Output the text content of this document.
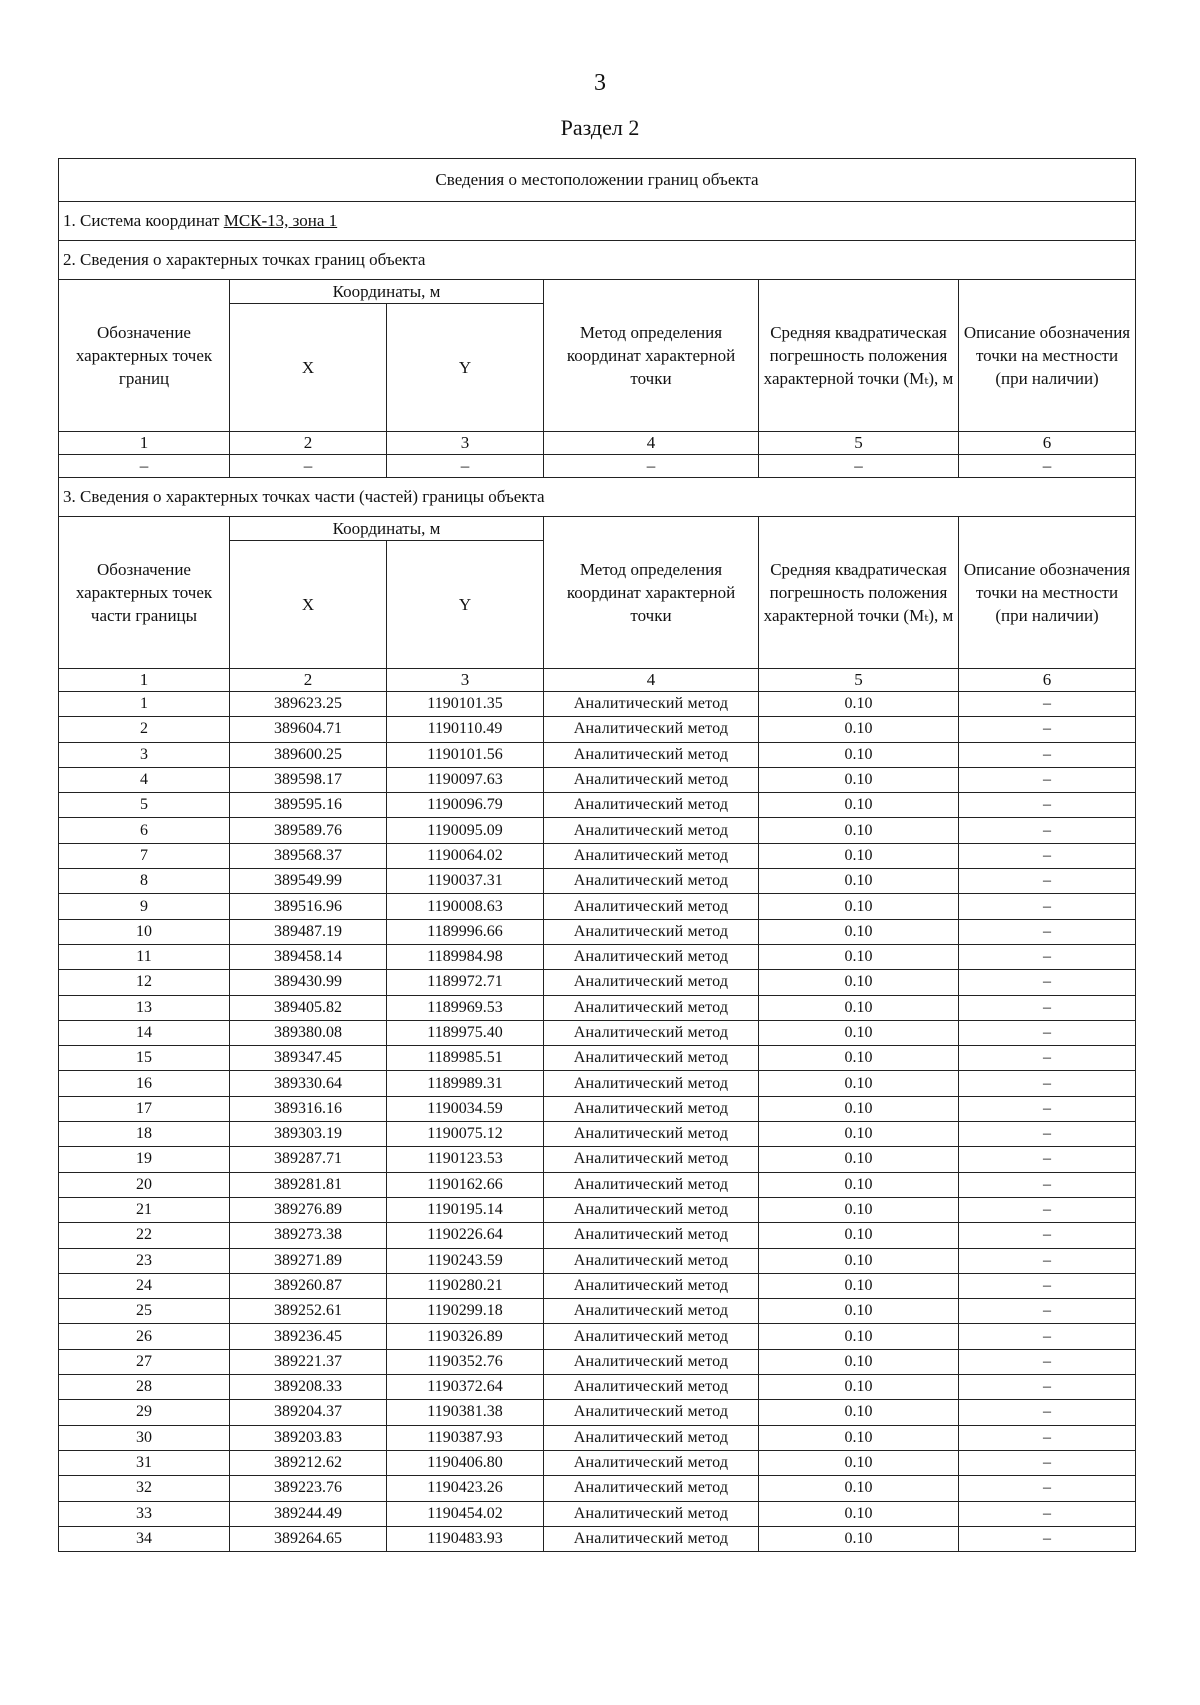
3
Раздел 2
Сведения о местоположении границ объекта					
1. Система координат МСК-13, зона 1					
2. Сведения о характерных точках границ объекта					
Обозначение характерных точек границ	Координаты, м		Метод определения координат характерной точки	Средняя квадратическая погрешность положения характерной точки (Mₜ), м	Описание обозначения точки на местности (при наличии)
	X	Y			
1	2	3	4	5	6
–	–	–	–	–	–
3. Сведения о характерных точках части (частей) границы объекта					
Обозначение характерных точек части границы	Координаты, м		Метод определения координат характерной точки	Средняя квадратическая погрешность положения характерной точки (Mₜ), м	Описание обозначения точки на местности (при наличии)
	X	Y			
1	2	3	4	5	6
1	389623.25	1190101.35	Аналитический метод	0.10	–
2	389604.71	1190110.49	Аналитический метод	0.10	–
3	389600.25	1190101.56	Аналитический метод	0.10	–
4	389598.17	1190097.63	Аналитический метод	0.10	–
5	389595.16	1190096.79	Аналитический метод	0.10	–
6	389589.76	1190095.09	Аналитический метод	0.10	–
7	389568.37	1190064.02	Аналитический метод	0.10	–
8	389549.99	1190037.31	Аналитический метод	0.10	–
9	389516.96	1190008.63	Аналитический метод	0.10	–
10	389487.19	1189996.66	Аналитический метод	0.10	–
11	389458.14	1189984.98	Аналитический метод	0.10	–
12	389430.99	1189972.71	Аналитический метод	0.10	–
13	389405.82	1189969.53	Аналитический метод	0.10	–
14	389380.08	1189975.40	Аналитический метод	0.10	–
15	389347.45	1189985.51	Аналитический метод	0.10	–
16	389330.64	1189989.31	Аналитический метод	0.10	–
17	389316.16	1190034.59	Аналитический метод	0.10	–
18	389303.19	1190075.12	Аналитический метод	0.10	–
19	389287.71	1190123.53	Аналитический метод	0.10	–
20	389281.81	1190162.66	Аналитический метод	0.10	–
21	389276.89	1190195.14	Аналитический метод	0.10	–
22	389273.38	1190226.64	Аналитический метод	0.10	–
23	389271.89	1190243.59	Аналитический метод	0.10	–
24	389260.87	1190280.21	Аналитический метод	0.10	–
25	389252.61	1190299.18	Аналитический метод	0.10	–
26	389236.45	1190326.89	Аналитический метод	0.10	–
27	389221.37	1190352.76	Аналитический метод	0.10	–
28	389208.33	1190372.64	Аналитический метод	0.10	–
29	389204.37	1190381.38	Аналитический метод	0.10	–
30	389203.83	1190387.93	Аналитический метод	0.10	–
31	389212.62	1190406.80	Аналитический метод	0.10	–
32	389223.76	1190423.26	Аналитический метод	0.10	–
33	389244.49	1190454.02	Аналитический метод	0.10	–
34	389264.65	1190483.93	Аналитический метод	0.10	–
